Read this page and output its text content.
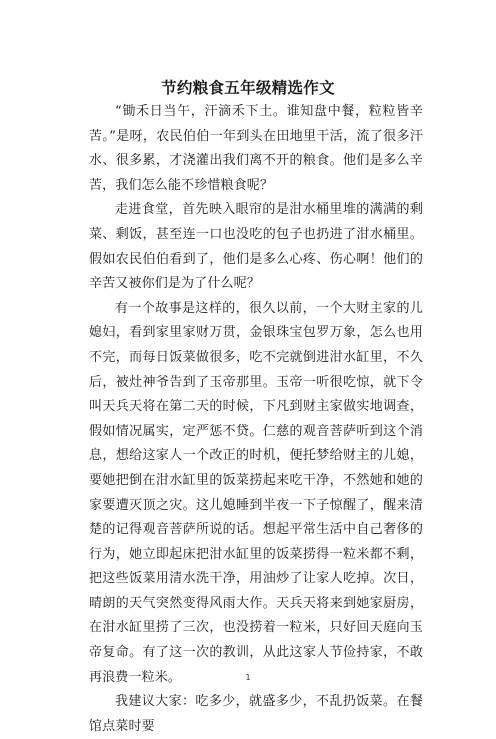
节约粮食五年级精选作文

“锄禾日当午，汗滴禾下土。谁知盘中餐，粒粒皆辛苦。”是呀，农民伯伯一年到头在田地里干活，流了很多汗水、很多累，才浇灌出我们离不开的粮食。他们是多么辛苦，我们怎么能不珍惜粮食呢？

走进食堂，首先映入眼帘的是泔水桶里堆的满满的剩菜、剩饭，甚至连一口也没吃的包子也扔进了泔水桶里。假如农民伯伯看到了，他们是多么心疼、伤心啊！他们的辛苦又被你们是为了什么呢？

有一个故事是这样的，很久以前，一个大财主家的儿媳妇，看到家里家财万贯，金银珠宝包罗万象，怎么也用不完，而每日饭菜做很多，吃不完就倒进泔水缸里，不久后，被灶神爷告到了玉帝那里。玉帝一听很吃惊，就下令叫天兵天将在第二天的时候，下凡到财主家做实地调查，假如情况属实，定严惩不贷。仁慈的观音菩萨听到这个消息，想给这家人一个改正的时机，便托梦给财主的儿媳，要她把倒在泔水缸里的饭菜捞起来吃干净，不然她和她的家要遭灭顶之灾。这儿媳睡到半夜一下子惊醒了，醒来清楚的记得观音菩萨所说的话。想起平常生活中自己奢侈的行为，她立即起床把泔水缸里的饭菜捞得一粒米都不剩，把这些饭菜用清水洗干净，用油炒了让家人吃掉。次日，晴朗的天气突然变得风雨大作。天兵天将来到她家厨房，在泔水缸里捞了三次，也没捞着一粒米，只好回天庭向玉帝复命。有了这一次的教训，从此这家人节俭持家，不敢再浪费一粒米。

我建议大家：吃多少，就盛多少，不乱扔饭菜。在餐馆点菜时要

1
